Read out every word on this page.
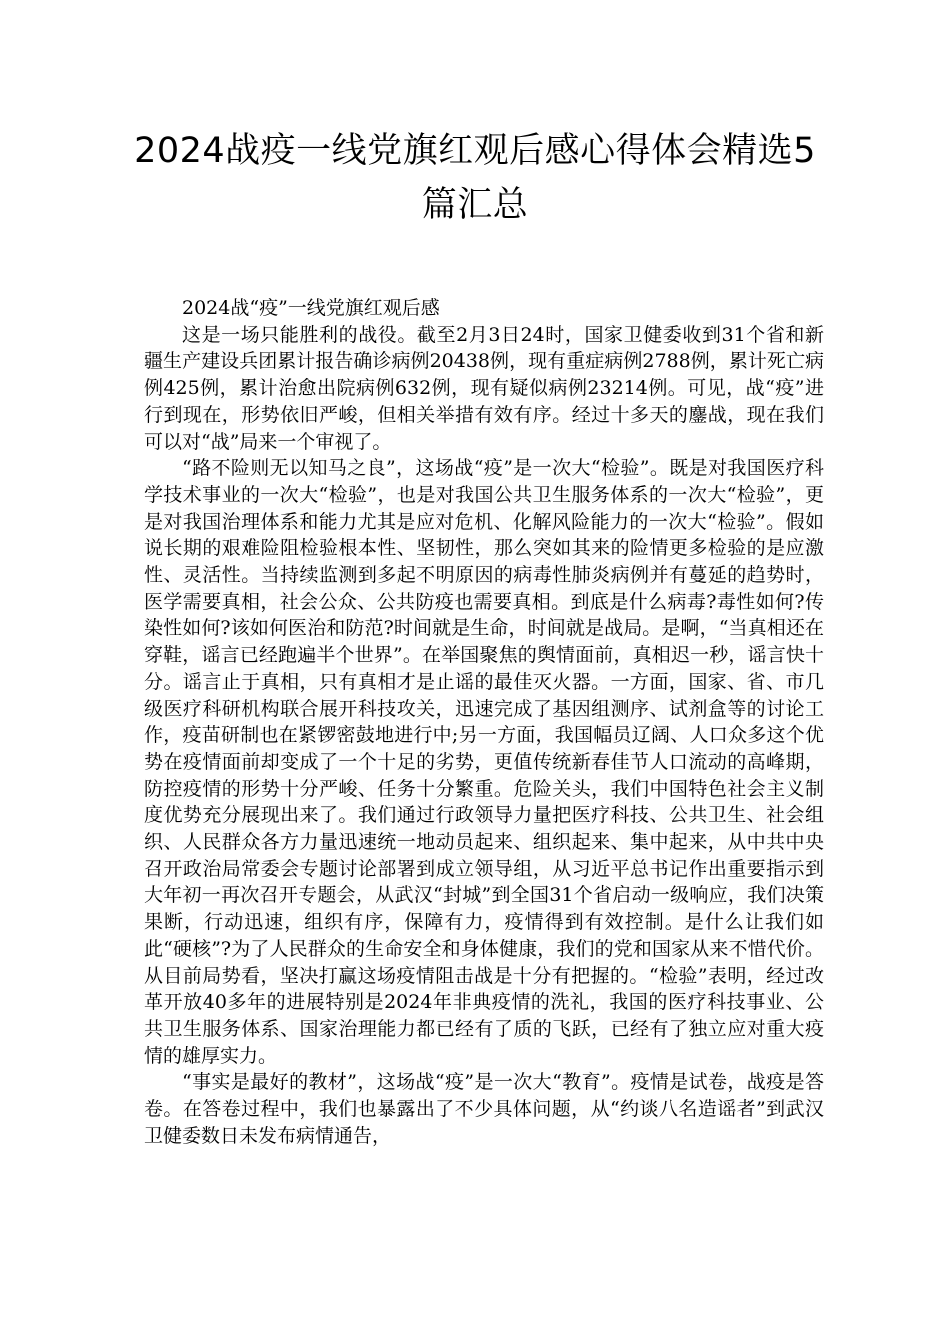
2024战疫一线党旗红观后感心得体会精选5篇汇总

2024战“疫”一线党旗红观后感

这是一场只能胜利的战役。截至2月3日24时，国家卫健委收到31个省和新疆生产建设兵团累计报告确诊病例20438例，现有重症病例2788例，累计死亡病例425例，累计治愈出院病例632例，现有疑似病例23214例。可见，战“疫”进行到现在，形势依旧严峻，但相关举措有效有序。经过十多天的鏖战，现在我们可以对“战”局来一个审视了。

“路不险则无以知马之良”，这场战“疫”是一次大“检验”。既是对我国医疗科学技术事业的一次大“检验”，也是对我国公共卫生服务体系的一次大“检验”，更是对我国治理体系和能力尤其是应对危机、化解风险能力的一次大“检验”。假如说长期的艰难险阻检验根本性、坚韧性，那么突如其来的险情更多检验的是应激性、灵活性。当持续监测到多起不明原因的病毒性肺炎病例并有蔓延的趋势时，医学需要真相，社会公众、公共防疫也需要真相。到底是什么病毒?毒性如何?传染性如何?该如何医治和防范?时间就是生命，时间就是战局。是啊，“当真相还在穿鞋，谣言已经跑遍半个世界”。在举国聚焦的舆情面前，真相迟一秒，谣言快十分。谣言止于真相，只有真相才是止谣的最佳灭火器。一方面，国家、省、市几级医疗科研机构联合展开科技攻关，迅速完成了基因组测序、试剂盒等的讨论工作，疫苗研制也在紧锣密鼓地进行中;另一方面，我国幅员辽阔、人口众多这个优势在疫情面前却变成了一个十足的劣势，更值传统新春佳节人口流动的高峰期，防控疫情的形势十分严峻、任务十分繁重。危险关头，我们中国特色社会主义制度优势充分展现出来了。我们通过行政领导力量把医疗科技、公共卫生、社会组织、人民群众各方力量迅速统一地动员起来、组织起来、集中起来，从中共中央召开政治局常委会专题讨论部署到成立领导组，从习近平总书记作出重要指示到大年初一再次召开专题会，从武汉“封城”到全国31个省启动一级响应，我们决策果断，行动迅速，组织有序，保障有力，疫情得到有效控制。是什么让我们如此“硬核”?为了人民群众的生命安全和身体健康，我们的党和国家从来不惜代价。从目前局势看，坚决打赢这场疫情阻击战是十分有把握的。“检验”表明，经过改革开放40多年的进展特别是2024年非典疫情的洗礼，我国的医疗科技事业、公共卫生服务体系、国家治理能力都已经有了质的飞跃，已经有了独立应对重大疫情的雄厚实力。

“事实是最好的教材”，这场战“疫”是一次大“教育”。疫情是试卷，战疫是答卷。在答卷过程中，我们也暴露出了不少具体问题，从“约谈八名造谣者”到武汉卫健委数日未发布病情通告，
